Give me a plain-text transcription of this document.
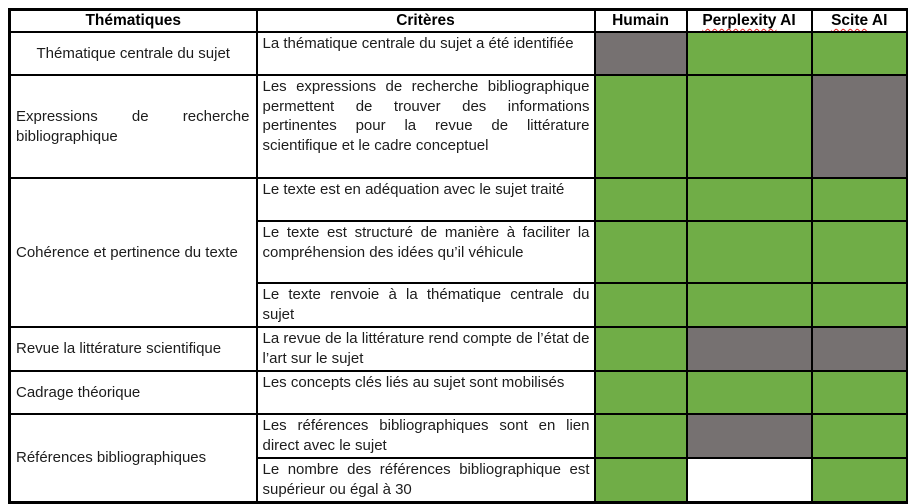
Thématiques	Critères	Humain	Perplexity AI	Scite AI
Thématique centrale du sujet	La thématique centrale du sujet a été identifiée			
Expressions de recherche bibliographique	Les expressions de recherche bibliographique permettent de trouver des informations pertinentes pour la revue de littérature scientifique et le cadre conceptuel			
Cohérence et pertinence du texte	Le texte est en adéquation avec le sujet traité			
	Le texte est structuré de manière à faciliter la compréhension des idées qu’il véhicule			
	Le texte renvoie à la thématique centrale du sujet			
Revue la littérature scientifique	La revue de la littérature rend compte de l’état de l’art sur le sujet			
Cadrage théorique	Les concepts clés liés au sujet sont mobilisés			
Références bibliographiques	Les références bibliographiques sont en lien direct avec le sujet			
	Le nombre des références bibliographique est supérieur ou égal à 30			
